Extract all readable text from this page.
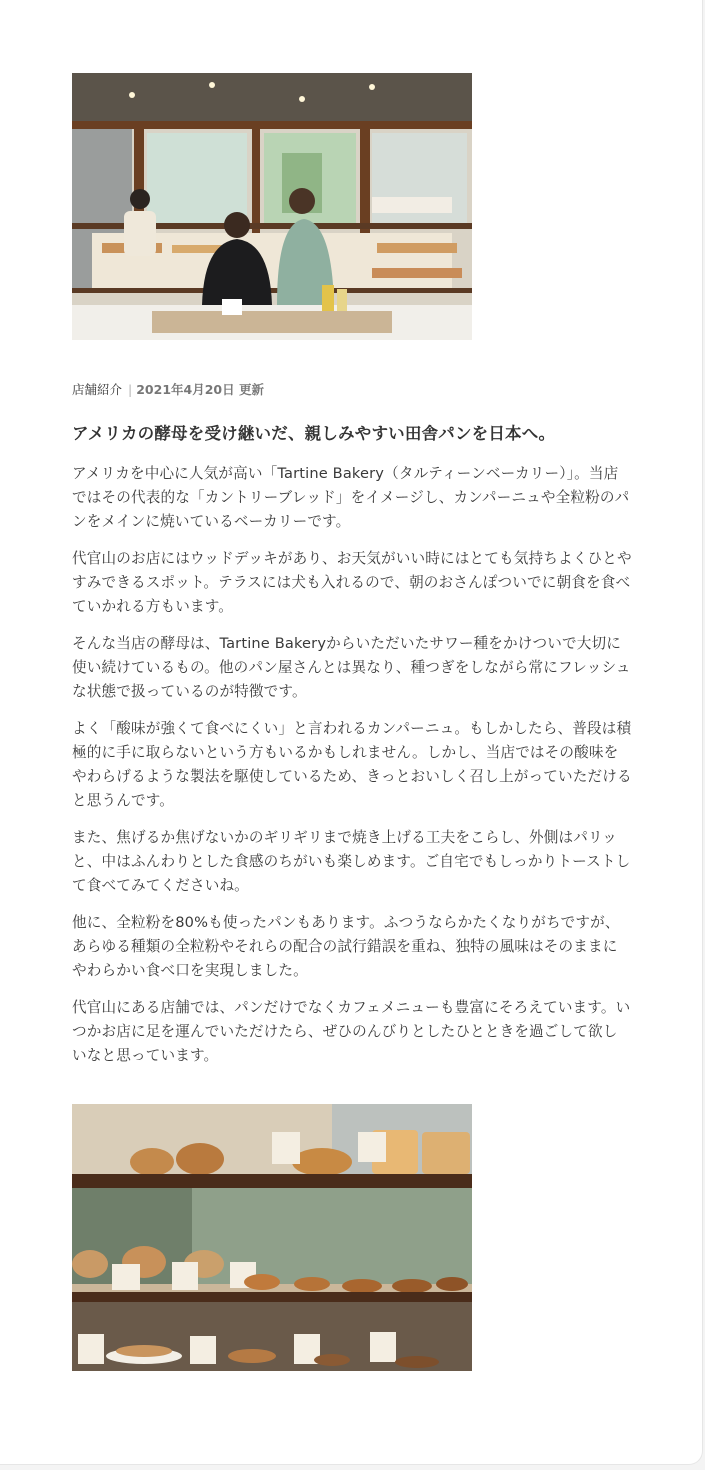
店舗紹介 | 2021年4月20日 更新
アメリカの酵母を受け継いだ、親しみやすい田舎パンを日本へ。

アメリカを中心に人気が高い「Tartine Bakery（タルティーンベーカリー）」。当店ではその代表的な「カントリーブレッド」をイメージし、カンパーニュや全粒粉のパンをメインに焼いているベーカリーです。

代官山のお店にはウッドデッキがあり、お天気がいい時にはとても気持ちよくひとやすみできるスポット。テラスには犬も入れるので、朝のおさんぽついでに朝食を食べていかれる方もいます。

そんな当店の酵母は、Tartine Bakeryからいただいたサワー種をかけついで大切に使い続けているもの。他のパン屋さんとは異なり、種つぎをしながら常にフレッシュな状態で扱っているのが特徴です。

よく「酸味が強くて食べにくい」と言われるカンパーニュ。もしかしたら、普段は積極的に手に取らないという方もいるかもしれません。しかし、当店ではその酸味をやわらげるような製法を駆使しているため、きっとおいしく召し上がっていただけると思うんです。

また、焦げるか焦げないかのギリギリまで焼き上げる工夫をこらし、外側はパリッと、中はふんわりとした食感のちがいも楽しめます。ご自宅でもしっかりトーストして食べてみてくださいね。

他に、全粒粉を80%も使ったパンもあります。ふつうならかたくなりがちですが、あらゆる種類の全粒粉やそれらの配合の試行錯誤を重ね、独特の風味はそのままにやわらかい食べ口を実現しました。

代官山にある店舗では、パンだけでなくカフェメニューも豊富にそろえています。いつかお店に足を運んでいただけたら、ぜひのんびりとしたひとときを過ごして欲しいなと思っています。
